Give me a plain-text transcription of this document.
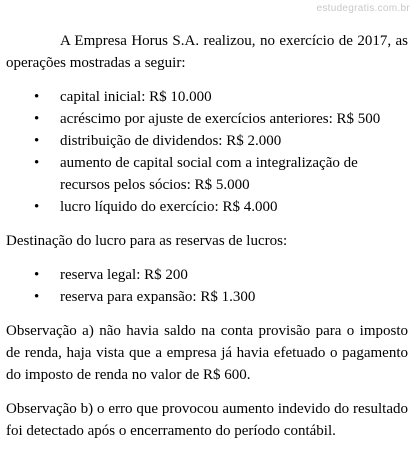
estudegratis.com.br

A Empresa Horus S.A. realizou, no exercício de 2017, as operações mostradas a seguir:

• capital inicial: R$ 10.000
• acréscimo por ajuste de exercícios anteriores: R$ 500
• distribuição de dividendos: R$ 2.000
• aumento de capital social com a integralização de recursos pelos sócios: R$ 5.000
• lucro líquido do exercício: R$ 4.000

Destinação do lucro para as reservas de lucros:

• reserva legal: R$ 200
• reserva para expansão: R$ 1.300

Observação a) não havia saldo na conta provisão para o imposto de renda, haja vista que a empresa já havia efetuado o pagamento do imposto de renda no valor de R$ 600.

Observação b) o erro que provocou aumento indevido do resultado foi detectado após o encerramento do período contábil.
